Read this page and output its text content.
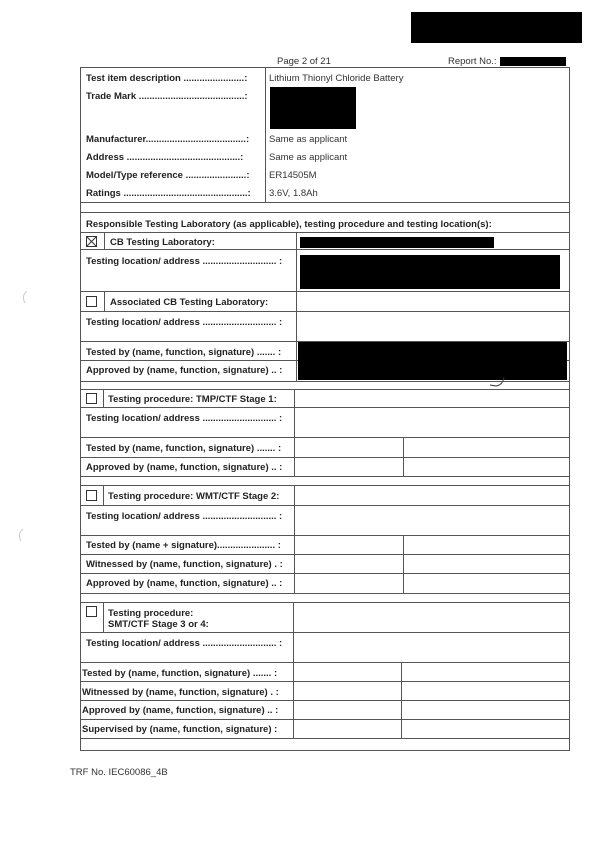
Page 2 of 21	Report No.:
Test item description .......................: Lithium Thionyl Chloride Battery
Trade Mark ........................................:
Manufacturer......................................: Same as applicant
Address ...........................................:	Same as applicant
Model/Type reference .......................: ER14505M
Ratings ...............................................: 3.6V, 1.8Ah
Responsible Testing Laboratory (as applicable), testing procedure and testing location(s):
CB Testing Laboratory:
Testing location/ address ............................ :
Associated CB Testing Laboratory:
Testing location/ address ............................ :
Tested by (name, function, signature) ....... :
Approved by (name, function, signature) .. :
Testing procedure: TMP/CTF Stage 1:
Testing location/ address ............................ :
Tested by (name, function, signature) ....... :
Approved by (name, function, signature) .. :
Testing procedure: WMT/CTF Stage 2:
Testing location/ address ............................ :
Tested by (name + signature)...................... :
Witnessed by (name, function, signature) . :
Approved by (name, function, signature) .. :
Testing procedure:
SMT/CTF Stage 3 or 4:
Testing location/ address ............................ :
Tested by (name, function, signature) ....... :
Witnessed by (name, function, signature) . :
Approved by (name, function, signature) .. :
Supervised by (name, function, signature) :
TRF No. IEC60086_4B
